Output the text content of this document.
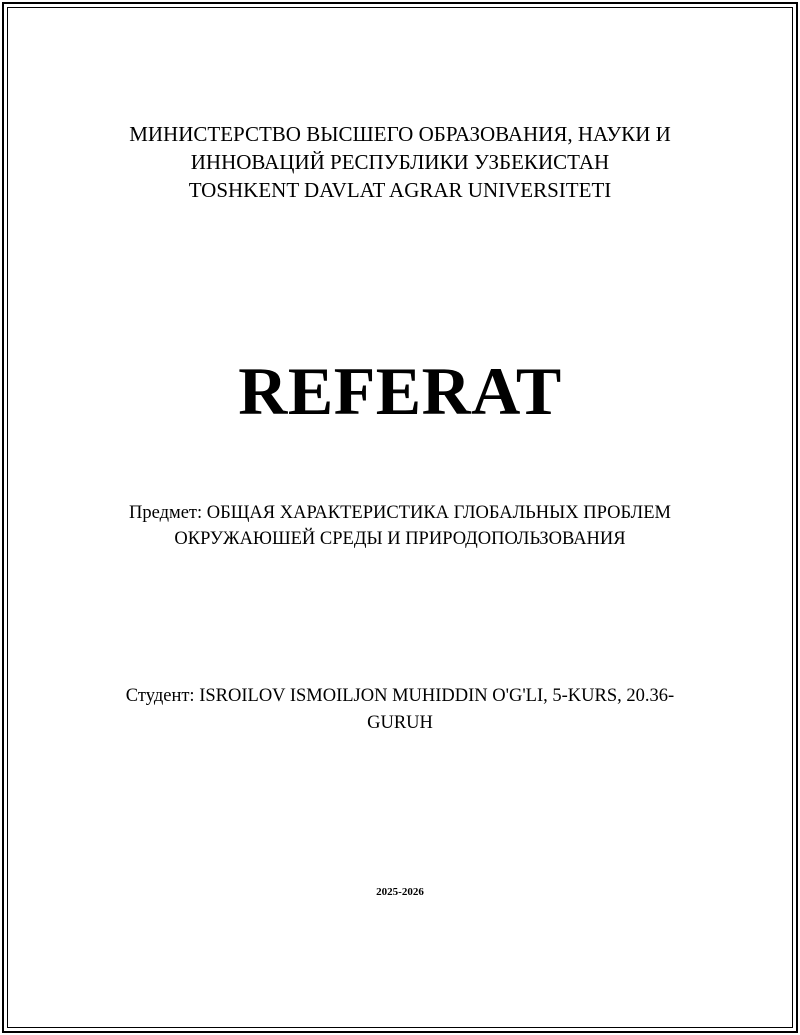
МИНИСТЕРСТВО ВЫСШЕГО ОБРАЗОВАНИЯ, НАУКИ И
ИННОВАЦИЙ РЕСПУБЛИКИ УЗБЕКИСТАН
TOSHKENT DAVLAT AGRAR UNIVERSITETI
REFERAT
Предмет: ОБЩАЯ ХАРАКТЕРИСТИКА ГЛОБАЛЬНЫХ ПРОБЛЕМ
ОКРУЖАЮШЕЙ СРЕДЫ И ПРИРОДОПОЛЬЗОВАНИЯ
Студент: ISROILOV ISMOILJON MUHIDDIN O'G'LI, 5-KURS, 20.36-
GURUH
2025-2026
